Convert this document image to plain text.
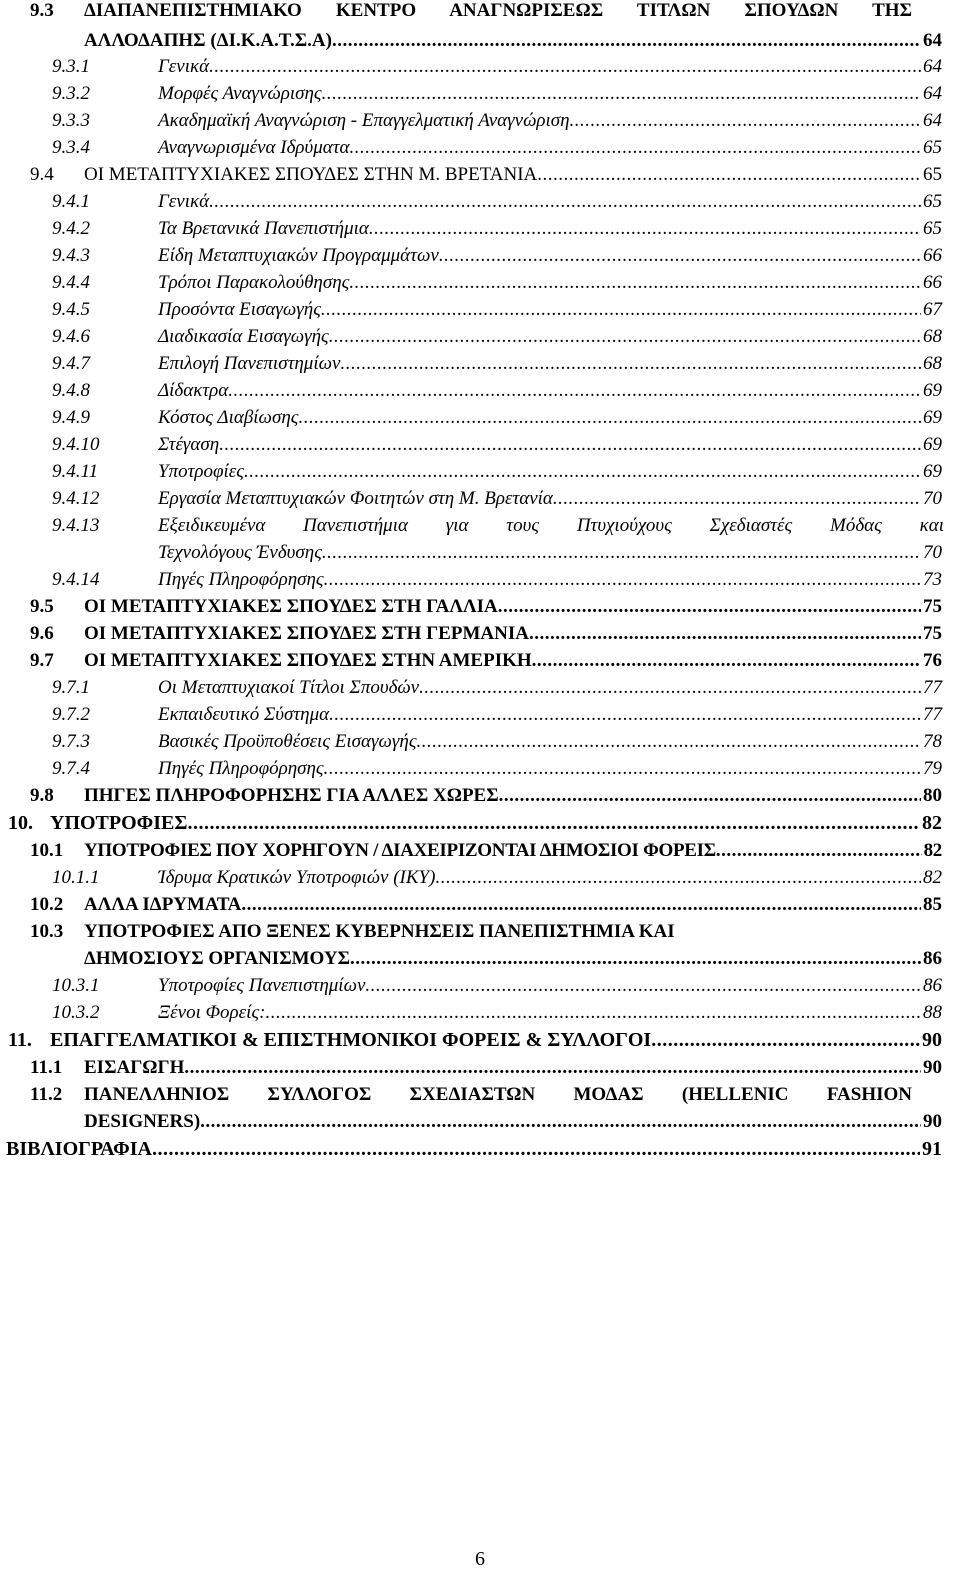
9.3 ΔΙΑΠΑΝΕΠΙΣΤΗΜΙΑΚΟ ΚΕΝΤΡΟ ΑΝΑΓΝΩΡΙΣΕΩΣ ΤΙΤΛΩΝ ΣΠΟΥΔΩΝ ΤΗΣ
ΑΛΛΟΔΑΠΗΣ (ΔΙ.Κ.Α.Τ.Σ.Α) .....	64
9.3.1	Γενικά .....	64
9.3.2	Μορφές Αναγνώρισης .....	64
9.3.3	Ακαδημαϊκή Αναγνώριση - Επαγγελματική Αναγνώριση .....	64
9.3.4	Αναγνωρισμένα Ιδρύματα .....	65
9.4 ΟΙ ΜΕΤΑΠΤΥΧΙΑΚΕΣ ΣΠΟΥΔΕΣ ΣΤΗΝ Μ. ΒΡΕΤΑΝΙΑ .....	65
9.4.1	Γενικά .....	65
9.4.2	Τα Βρετανικά Πανεπιστήμια .....	65
9.4.3	Είδη Μεταπτυχιακών Προγραμμάτων .....	66
9.4.4	Τρόποι Παρακολούθησης .....	66
9.4.5	Προσόντα Εισαγωγής .....	67
9.4.6	Διαδικασία Εισαγωγής .....	68
9.4.7	Επιλογή Πανεπιστημίων .....	68
9.4.8	Δίδακτρα .....	69
9.4.9	Κόστος Διαβίωσης .....	69
9.4.10	Στέγαση .....	69
9.4.11	Υποτροφίες .....	69
9.4.12	Εργασία Μεταπτυχιακών Φοιτητών στη Μ. Βρετανία .....	70
9.4.13	Εξειδικευμένα Πανεπιστήμια για τους Πτυχιούχους Σχεδιαστές Μόδας και
Τεχνολόγους Ένδυσης .....	70
9.4.14	Πηγές Πληροφόρησης .....	73
9.5 ΟΙ ΜΕΤΑΠΤΥΧΙΑΚΕΣ ΣΠΟΥΔΕΣ ΣΤΗ ΓΑΛΛΙΑ .....	75
9.6 ΟΙ ΜΕΤΑΠΤΥΧΙΑΚΕΣ ΣΠΟΥΔΕΣ ΣΤΗ ΓΕΡΜΑΝΙΑ .....	75
9.7 ΟΙ ΜΕΤΑΠΤΥΧΙΑΚΕΣ ΣΠΟΥΔΕΣ ΣΤΗΝ ΑΜΕΡΙΚΗ .....	76
9.7.1	Οι Μεταπτυχιακοί Τίτλοι Σπουδών .....	77
9.7.2	Εκπαιδευτικό Σύστημα .....	77
9.7.3	Βασικές Προϋποθέσεις Εισαγωγής .....	78
9.7.4	Πηγές Πληροφόρησης .....	79
9.8 ΠΗΓΕΣ ΠΛΗΡΟΦΟΡΗΣΗΣ ΓΙΑ ΑΛΛΕΣ ΧΩΡΕΣ .....	80
10. ΥΠΟΤΡΟΦΙΕΣ .....	82
10.1 ΥΠΟΤΡΟΦΙΕΣ ΠΟΥ ΧΟΡΗΓΟΥΝ / ΔΙΑΧΕΙΡΙΖΟΝΤΑΙ ΔΗΜΟΣΙΟΙ ΦΟΡΕΙΣ .....	82
10.1.1	Ίδρυμα Κρατικών Υποτροφιών (ΙΚΥ) .....	82
10.2 ΑΛΛΑ ΙΔΡΥΜΑΤΑ .....	85
10.3 ΥΠΟΤΡΟΦΙΕΣ ΑΠΟ ΞΕΝΕΣ ΚΥΒΕΡΝΗΣΕΙΣ ΠΑΝΕΠΙΣΤΗΜΙΑ ΚΑΙ
ΔΗΜΟΣΙΟΥΣ ΟΡΓΑΝΙΣΜΟΥΣ .....	86
10.3.1	Υποτροφίες Πανεπιστημίων .....	86
10.3.2	Ξένοι Φορείς: .....	88
11. ΕΠΑΓΓΕΛΜΑΤΙΚΟΙ & ΕΠΙΣΤΗΜΟΝΙΚΟΙ ΦΟΡΕΙΣ & ΣΥΛΛΟΓΟΙ .....	90
11.1 ΕΙΣΑΓΩΓΗ .....	90
11.2 ΠΑΝΕΛΛΗΝΙΟΣ ΣΥΛΛΟΓΟΣ ΣΧΕΔΙΑΣΤΩΝ ΜΟΔΑΣ (HELLENIC FASHION
DESIGNERS) .....	90
ΒΙΒΛΙΟΓΡΑΦΙΑ .....	91
6
